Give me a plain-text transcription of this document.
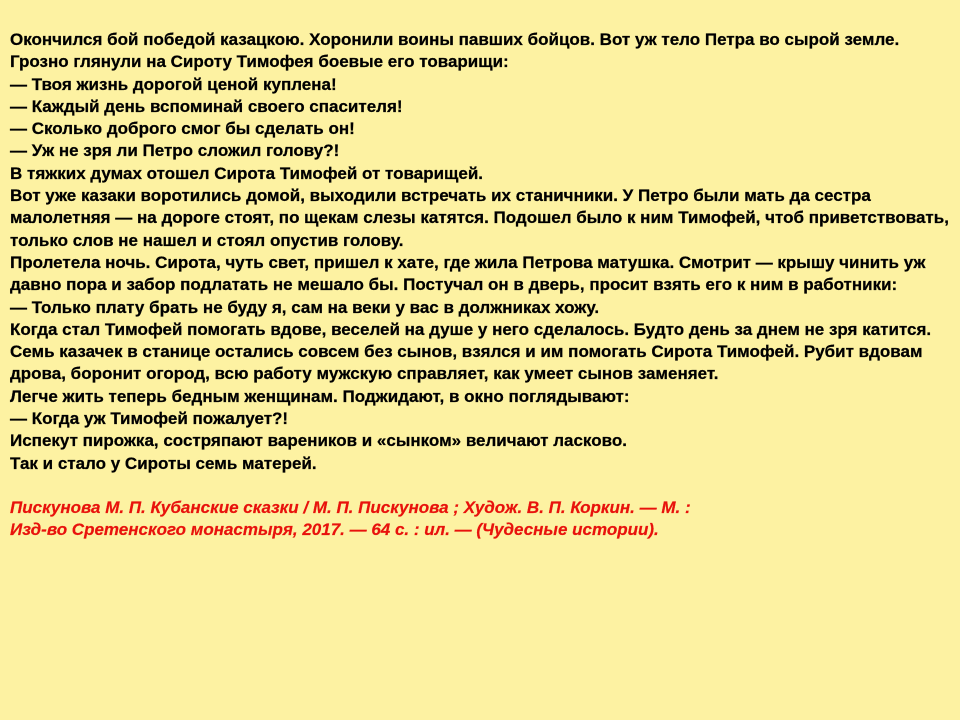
Окончился бой победой казацкою. Хоронили воины павших бойцов. Вот уж тело Петра во сырой земле. Грозно глянули на Сироту Тимофея боевые его товарищи:

— Твоя жизнь дорогой ценой куплена!

— Каждый день вспоминай своего спасителя!

— Сколько доброго смог бы сделать он!

— Уж не зря ли Петро сложил голову?!

В тяжких думах отошел Сирота Тимофей от товарищей.

Вот уже казаки воротились домой, выходили встречать их станичники. У Петро были мать да сестра малолетняя — на дороге стоят, по щекам слезы катятся. Подошел было к ним Тимофей, чтоб приветствовать, только слов не нашел и стоял опустив голову.

Пролетела ночь. Сирота, чуть свет, пришел к хате, где жила Петрова матушка. Смотрит — крышу чинить уж давно пора и забор подлатать не мешало бы. Постучал он в дверь, просит взять его к ним в работники:

— Только плату брать не буду я, сам на веки у вас в должниках хожу.

Когда стал Тимофей помогать вдове, веселей на душе у него сделалось. Будто день за днем не зря катится.

Семь казачек в станице остались совсем без сынов, взялся и им помогать Сирота Тимофей. Рубит вдовам дрова, боронит огород, всю работу мужскую справляет, как умеет сынов заменяет.

Легче жить теперь бедным женщинам. Поджидают, в окно поглядывают:

— Когда уж Тимофей пожалует?!

Испекут пирожка, состряпают вареников и «сынком» величают ласково.

Так и стало у Сироты семь матерей.

Пискунова М. П. Кубанские сказки / М. П. Пискунова ; Худож. В. П. Коркин. — М. :
Изд-во Сретенского монастыря, 2017. — 64 с. : ил. — (Чудесные истории).
